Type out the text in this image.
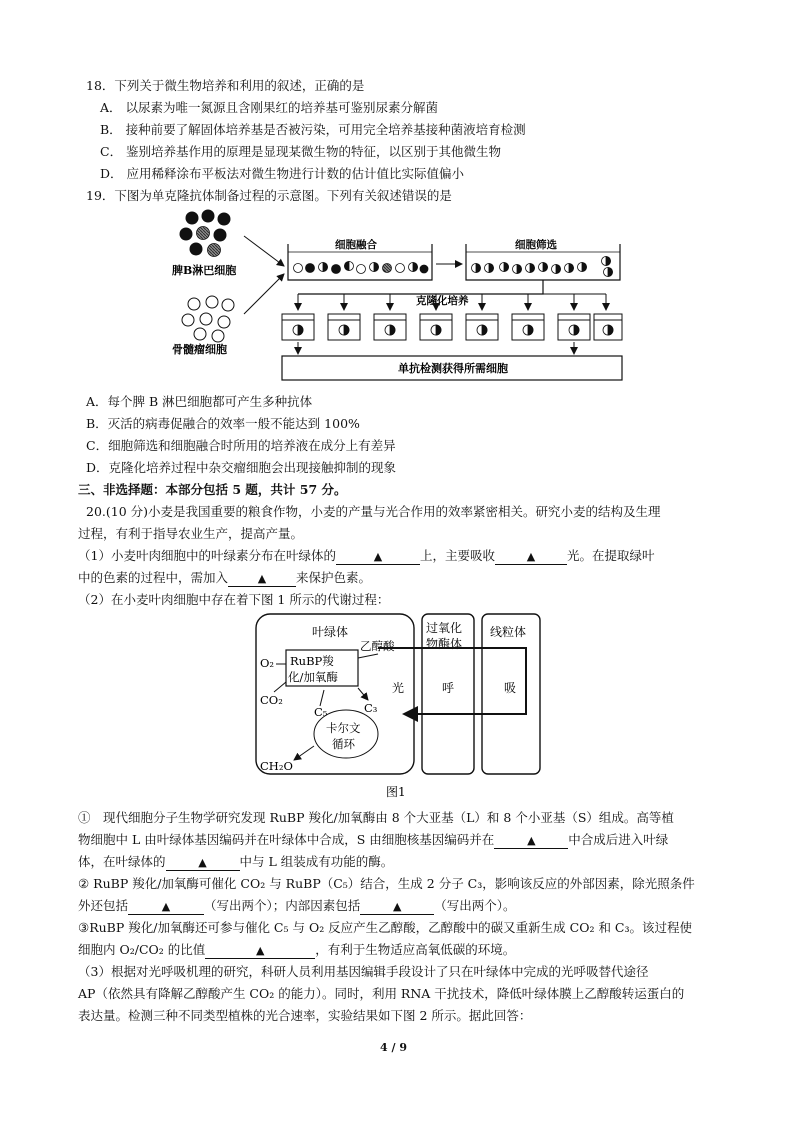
18．下列关于微生物培养和利用的叙述，正确的是
A． 以尿素为唯一氮源且含刚果红的培养基可鉴别尿素分解菌
B． 接种前要了解固体培养基是否被污染，可用完全培养基接种菌液培育检测
C． 鉴别培养基作用的原理是显现某微生物的特征，以区别于其他微生物
D． 应用稀释涂布平板法对微生物进行计数的估计值比实际值偏小
19．下图为单克隆抗体制备过程的示意图。下列有关叙述错误的是
脾B淋巴细胞
骨髓瘤细胞
细胞融合	细胞筛选
克隆化培养
单抗检测获得所需细胞
A．每个脾 B 淋巴细胞都可产生多种抗体
B．灭活的病毒促融合的效率一般不能达到 100%
C．细胞筛选和细胞融合时所用的培养液在成分上有差异
D．克隆化培养过程中杂交瘤细胞会出现接触抑制的现象
三、非选择题：本部分包括 5 题，共计 57 分。
20.(10 分)小麦是我国重要的粮食作物，小麦的产量与光合作用的效率紧密相关。研究小麦的结构及生理
过程，有利于指导农业生产，提高产量。
（1）小麦叶肉细胞中的叶绿素分布在叶绿体的	▲	上，主要吸收	▲	光。在提取绿叶
中的色素的过程中，需加入	▲ 来保护色素。
（2）在小麦叶肉细胞中存在着下图 1 所示的代谢过程：
叶绿体	过氧化
物酶体
线粒体
RuBP羧
化/加氧酶
O₂
CO₂
乙醇酸
光	呼	吸
C₅	C₃
卡尔文
循环
CH₂O
图1
①　现代细胞分子生物学研究发现 RuBP 羧化/加氧酶由 8 个大亚基（L）和 8 个小亚基（S）组成。高等植
物细胞中 L 由叶绿体基因编码并在叶绿体中合成，S 由细胞核基因编码并在	▲	中合成后进入叶绿
体，在叶绿体的	▲	中与 L 组装成有功能的酶。
② RuBP 羧化/加氧酶可催化 CO₂ 与 RuBP（C₅）结合，生成 2 分子 C₃，影响该反应的外部因素，除光照条件
外还包括	▲	（写出两个）；内部因素包括	▲	（写出两个）。
③RuBP 羧化/加氧酶还可参与催化 C₅ 与 O₂ 反应产生乙醇酸，乙醇酸中的碳又重新生成 CO₂ 和 C₃。该过程使
细胞内 O₂/CO₂ 的比值	▲	，有利于生物适应高氧低碳的环境。
（3）根据对光呼吸机理的研究，科研人员利用基因编辑手段设计了只在叶绿体中完成的光呼吸替代途径
AP（依然具有降解乙醇酸产生 CO₂ 的能力）。同时，利用 RNA 干扰技术，降低叶绿体膜上乙醇酸转运蛋白的
表达量。检测三种不同类型植株的光合速率，实验结果如下图 2 所示。据此回答：
4 / 9
